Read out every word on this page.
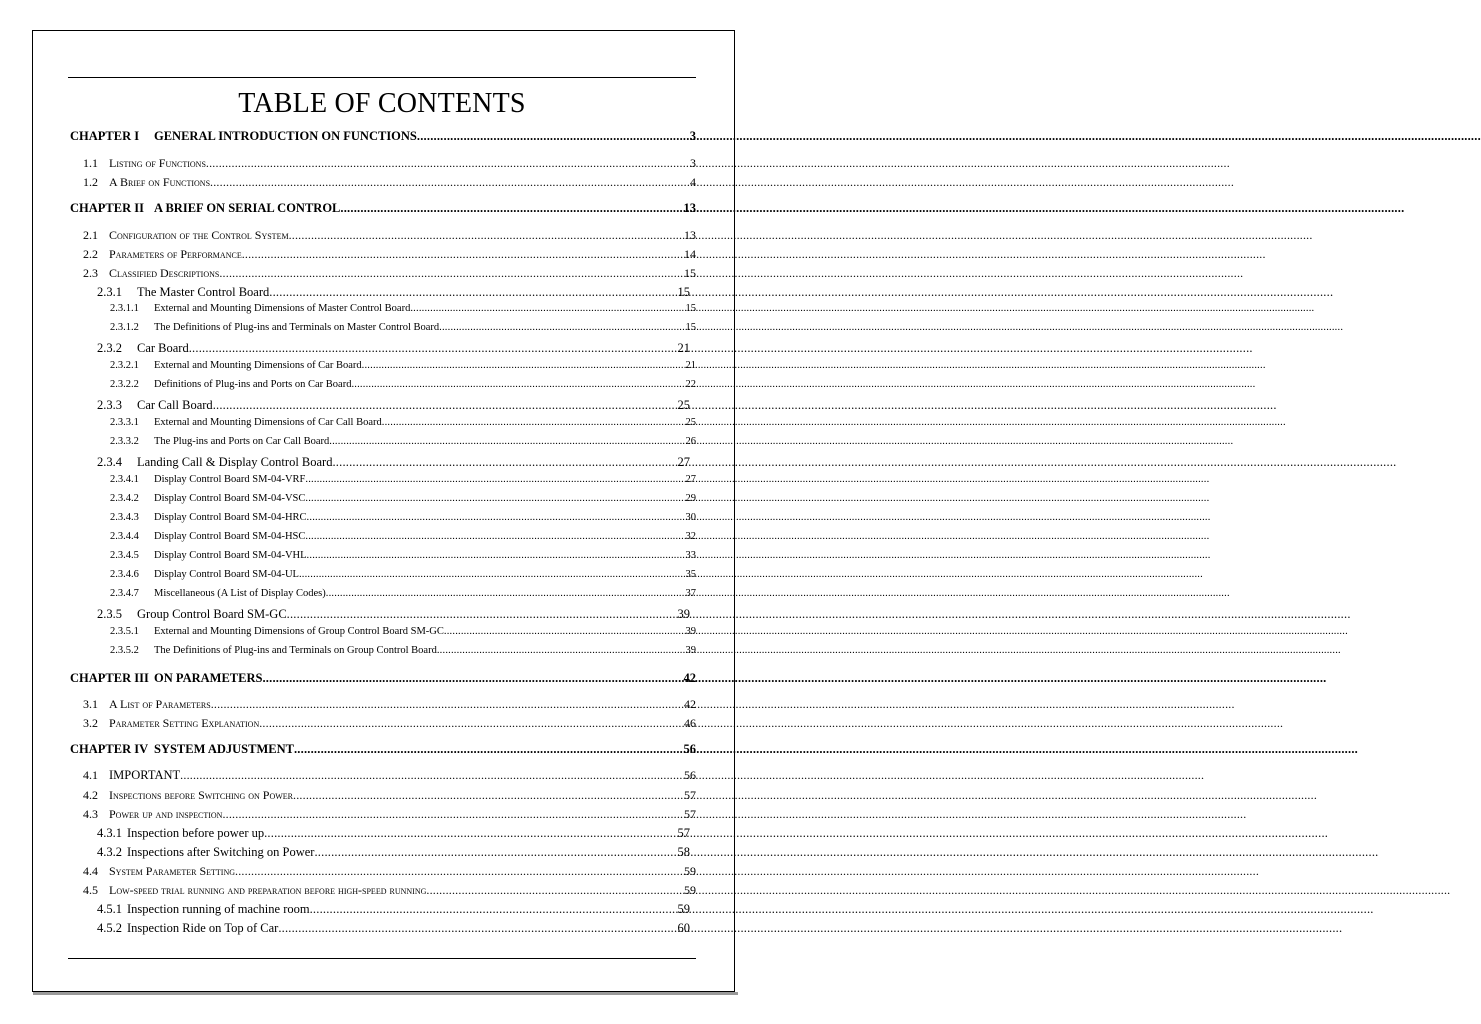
TABLE OF CONTENTS
CHAPTER I	GENERAL INTRODUCTION ON FUNCTIONS .....	3
1.1 Listing of Functions .....	3
1.2 A Brief on Functions .....	4
CHAPTER II A BRIEF ON SERIAL CONTROL .....	13
2.1 Configuration of the Control System .....	13
2.2 Parameters of Performance .....	14
2.3 Classified Descriptions .....	15
2.3.1	The Master Control Board .....	15
2.3.1.1	External and Mounting Dimensions of Master Control Board .....	15
2.3.1.2	The Definitions of Plug-ins and Terminals on Master Control Board .....	15
2.3.2	Car Board .....	21
2.3.2.1	External and Mounting Dimensions of Car Board .....	21
2.3.2.2	Definitions of Plug-ins and Ports on Car Board .....	22
2.3.3	Car Call Board .....	25
2.3.3.1	External and Mounting Dimensions of Car Call Board .....	25
2.3.3.2	The Plug-ins and Ports on Car Call Board .....	26
2.3.4	Landing Call & Display Control Board .....	27
2.3.4.1	Display Control Board SM-04-VRF .....	27
2.3.4.2	Display Control Board SM-04-VSC .....	29
2.3.4.3	Display Control Board SM-04-HRC .....	30
2.3.4.4	Display Control Board SM-04-HSC .....	32
2.3.4.5	Display Control Board SM-04-VHL .....	33
2.3.4.6	Display Control Board SM-04-UL .....	35
2.3.4.7	Miscellaneous (A List of Display Codes) .....	37
2.3.5	Group Control Board SM-GC .....	39
2.3.5.1	External and Mounting Dimensions of Group Control Board SM-GC .....	39
2.3.5.2	The Definitions of Plug-ins and Terminals on Group Control Board .....	39
CHAPTER III ON PARAMETERS .....	42
3.1 A List of Parameters .....	42
3.2 Parameter Setting Explanation .....	46
CHAPTER IV SYSTEM ADJUSTMENT .....	56
4.1 IMPORTANT .....	56
4.2 Inspections before Switching on Power .....	57
4.3 Power up and inspection .....	57
4.3.1 Inspection before power up .....	57
4.3.2 Inspections after Switching on Power .....	58
4.4 System Parameter Setting .....	59
4.5 Low-speed trial running and preparation before high-speed running .....	59
4.5.1 Inspection running of machine room .....	59
4.5.2 Inspection Ride on Top of Car .....	60
